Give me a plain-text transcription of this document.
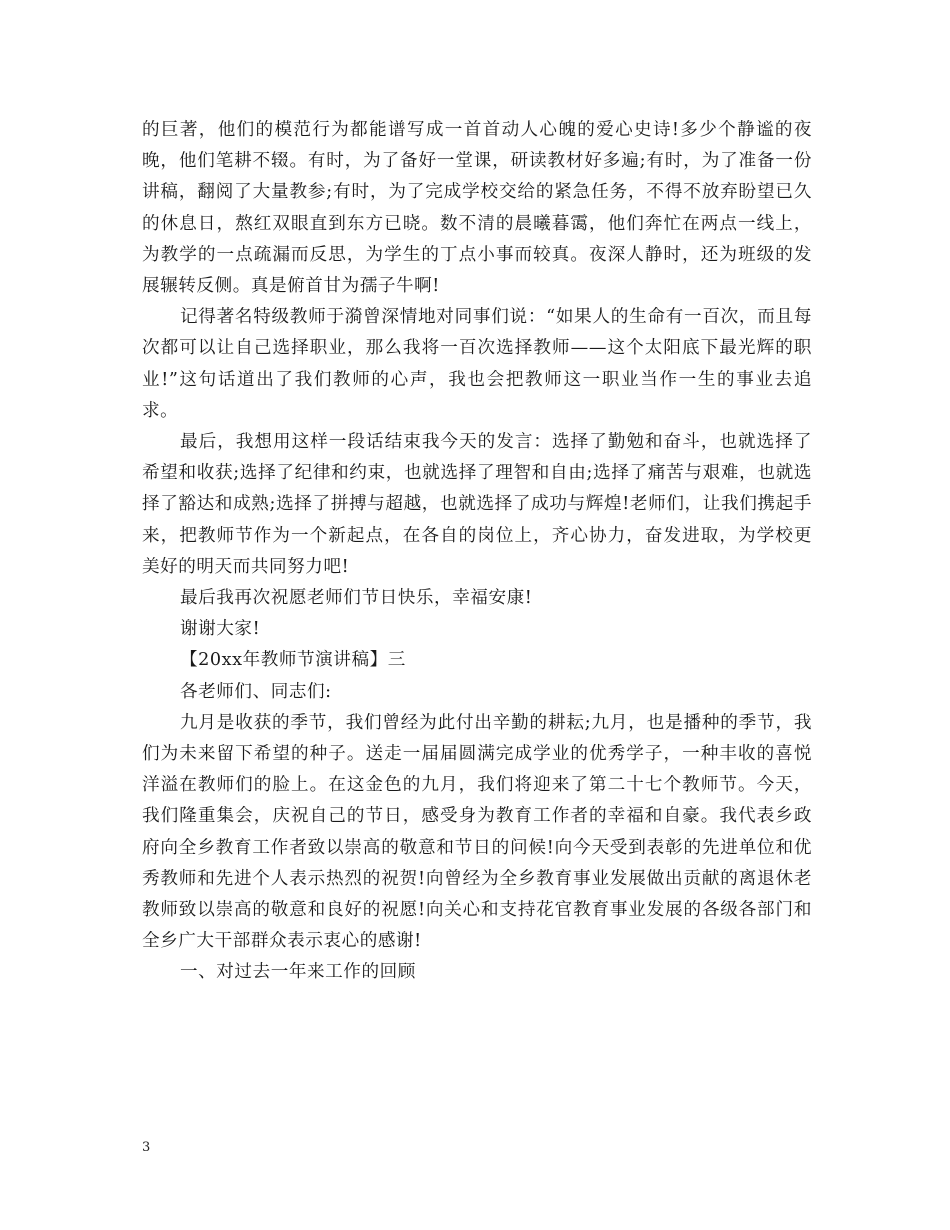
的巨著，他们的模范行为都能谱写成一首首动人心魄的爱心史诗!多少个静谧的夜晚，他们笔耕不辍。有时，为了备好一堂课，研读教材好多遍;有时，为了准备一份讲稿，翻阅了大量教参;有时，为了完成学校交给的紧急任务，不得不放弃盼望已久的休息日，熬红双眼直到东方已晓。数不清的晨曦暮霭，他们奔忙在两点一线上，为教学的一点疏漏而反思，为学生的丁点小事而较真。夜深人静时，还为班级的发展辗转反侧。真是俯首甘为孺子牛啊!

记得著名特级教师于漪曾深情地对同事们说：“如果人的生命有一百次，而且每次都可以让自己选择职业，那么我将一百次选择教师——这个太阳底下最光辉的职业!”这句话道出了我们教师的心声，我也会把教师这一职业当作一生的事业去追求。

最后，我想用这样一段话结束我今天的发言：选择了勤勉和奋斗，也就选择了希望和收获;选择了纪律和约束，也就选择了理智和自由;选择了痛苦与艰难，也就选择了豁达和成熟;选择了拼搏与超越，也就选择了成功与辉煌!老师们，让我们携起手来，把教师节作为一个新起点，在各自的岗位上，齐心协力，奋发进取，为学校更美好的明天而共同努力吧!

最后我再次祝愿老师们节日快乐，幸福安康!

谢谢大家!

【20xx年教师节演讲稿】三

各老师们、同志们:

九月是收获的季节，我们曾经为此付出辛勤的耕耘;九月，也是播种的季节，我们为未来留下希望的种子。送走一届届圆满完成学业的优秀学子，一种丰收的喜悦洋溢在教师们的脸上。在这金色的九月，我们将迎来了第二十七个教师节。今天，我们隆重集会，庆祝自己的节日，感受身为教育工作者的幸福和自豪。我代表乡政府向全乡教育工作者致以崇高的敬意和节日的问候!向今天受到表彰的先进单位和优秀教师和先进个人表示热烈的祝贺!向曾经为全乡教育事业发展做出贡献的离退休老教师致以崇高的敬意和良好的祝愿!向关心和支持花官教育事业发展的各级各部门和全乡广大干部群众表示衷心的感谢!

一、对过去一年来工作的回顾

3
